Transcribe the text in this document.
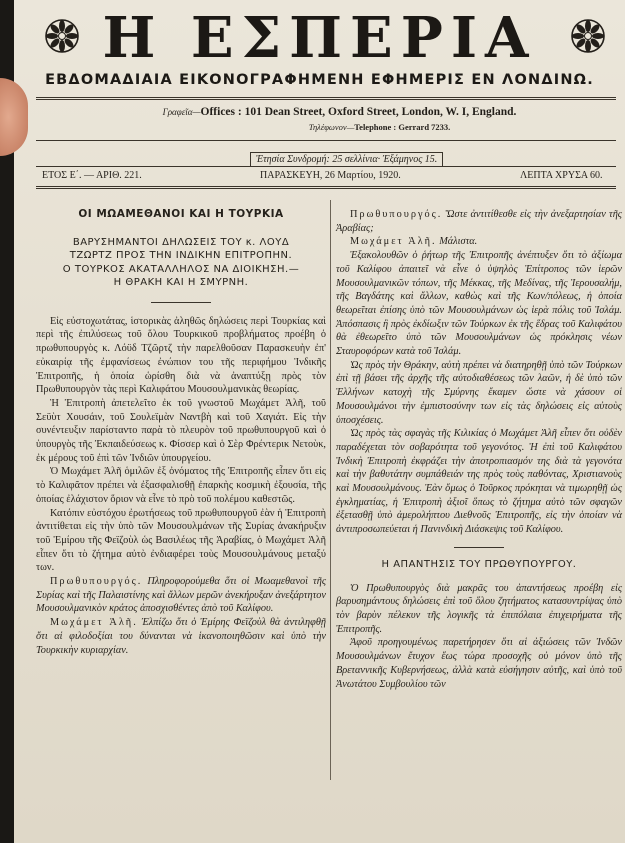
Η ΕΣΠΕΡΙΑ
ΕΒΔΟΜΑΔΙΑΙΑ ΕΙΚΟΝΟΓΡΑΦΗΜΕΝΗ ΕΦΗΜΕΡΙΣ ΕΝ ΛΟΝΔΙΝΩ.
Γραφεῖα—Offices : 101 Dean Street, Oxford Street, London, W. I, England.
Τηλέφωνον—Telephone : Gerrard 7233.
Ἐτησία Συνδρομή: 25 σελλίνια· Ἐξάμηνος 15.
ΕΤΟΣ Ε΄. — ΑΡΙΘ. 221.	ΠΑΡΑΣΚΕΥΗ, 26 Μαρτίου, 1920.	ΛΕΠΤΑ ΧΡΥΣΑ 60.
ΟΙ ΜΩΑΜΕΘΑΝΟΙ ΚΑΙ Η ΤΟΥΡΚΙΑ
ΒΑΡΥΣΗΜΑΝΤΟΙ ΔΗΛΩΣΕΙΣ ΤΟΥ κ. ΛΟΥΔ
ΤΖΩΡΤΖ ΠΡΟΣ ΤΗΝ ΙΝΔΙΚΗΝ ΕΠΙΤΡΟΠΗΝ.
Ο ΤΟΥΡΚΟΣ ΑΚΑΤΑΛΛΗΛΟΣ ΝΑ ΔΙΟΙΚΗΣΗ.—
Η ΘΡΑΚΗ ΚΑΙ Η ΣΜΥΡΝΗ.

Εἰς εὐστοχωτάτας, ἱστορικὰς ἀληθῶς δηλώσεις περὶ Τουρκίας καὶ περὶ τῆς ἐπιλύσεως τοῦ ὅλου Τουρκικοῦ προβλήματος προέβη ὁ πρωθυπουργὸς κ. Λόϋδ Τζῶρτζ τὴν παρελθοῦσαν Παρασκευὴν ἐπ' εὐκαιρίᾳ τῆς ἐμφανίσεως ἐνώπιον του τῆς περιφήμου Ἰνδικῆς Ἐπιτροπῆς, ἡ ὁποία ὡρίσθη διὰ νὰ ἀναπτύξῃ πρὸς τὸν Πρωθυπουργὸν τὰς περὶ Καλιφάτου Μουσουλμανικὰς θεωρίας.

Ἡ Ἐπιτροπὴ ἀπετελεῖτο ἐκ τοῦ γνωστοῦ Μωχάμετ Ἀλῆ, τοῦ Σεϋὺτ Χουσάιν, τοῦ Σουλεϊμὰν Ναντβὴ καὶ τοῦ Χαγιάτ. Εἰς τὴν συνέντευξιν παρίσταντο παρὰ τὸ πλευρὸν τοῦ πρωθυπουργοῦ καὶ ὁ ὑπουργὸς τῆς Ἐκπαιδεύσεως κ. Φίσσερ καὶ ὁ Σὲρ Φρέντερικ Νετοὺκ, ἐκ μέρους τοῦ ἐπὶ τῶν Ἰνδιῶν ὑπουργείου.

Ὁ Μωχάμετ Ἀλῆ ὁμιλῶν ἐξ ὀνόματος τῆς Ἐπιτροπῆς εἶπεν ὅτι εἰς τὸ Καλιφᾶτον πρέπει νὰ ἐξασφαλισθῇ ἐπαρκὴς κοσμικὴ ἐξουσία, τῆς ὁποίας ἐλάχιστον ὅριον νὰ εἶνε τὸ πρὸ τοῦ πολέμου καθεστῶς.

Κατόπιν εὐστόχου ἐρωτήσεως τοῦ πρωθυπουργοῦ ἐὰν ἡ Ἐπιτροπὴ ἀντιτίθεται εἰς τὴν ὑπὸ τῶν Μουσουλμάνων τῆς Συρίας ἀνακήρυξιν τοῦ Ἐμίρου τῆς Φεϊζοὺλ ὡς Βασιλέως τῆς Ἀραβίας, ὁ Μωχάμετ Ἀλῆ εἶπεν ὅτι τὸ ζήτημα αὐτὸ ἐνδιαφέρει τοὺς Μουσουλμάνους μεταξύ των.

Πρωθυπουργός. Πληροφορούμεθα ὅτι οἱ Μωαμεθανοὶ τῆς Συρίας καὶ τῆς Παλαιστίνης καὶ ἄλλων μερῶν ἀνεκήρυξαν ἀνεξάρτητον Μουσουλμανικὸν κράτος ἀποσχισθέντες ἀπὸ τοῦ Καλίφου.

Μωχάμετ Ἀλῆ. Ἐλπίζω ὅτι ὁ Ἐμίρης Φεϊζοὺλ θὰ ἀντιληφθῇ ὅτι αἱ φιλοδοξίαι του δύνανται νὰ ἱκανοποιηθῶσιν καὶ ὑπὸ τὴν Τουρκικὴν κυριαρχίαν.

Πρωθυπουργός. Ὥστε ἀντιτίθεσθε εἰς τὴν ἀνεξαρτησίαν τῆς Ἀραβίας;

Μωχάμετ Ἀλῆ. Μάλιστα.

Ἐξακολουθῶν ὁ ῥήτωρ τῆς Ἐπιτροπῆς ἀνέπτυξεν ὅτι τὸ ἀξίωμα τοῦ Καλίφου ἀπαιτεῖ νὰ εἶνε ὁ ὑψηλὸς Ἐπίτροπος τῶν ἱερῶν Μουσουλμανικῶν τόπων, τῆς Μέκκας, τῆς Μεδίνας, τῆς Ἱερουσαλήμ, τῆς Βαγδάτης καὶ ἄλλων, καθὼς καὶ τῆς Κων/πόλεως, ἡ ὁποία θεωρεῖται ἐπίσης ὑπὸ τῶν Μουσουλμάνων ὡς ἱερὰ πόλις τοῦ Ἰσλάμ. Ἀπόσπασις ἢ πρὸς ἐκδίωξιν τῶν Τούρκων ἐκ τῆς ἕδρας τοῦ Καλιφάτου θὰ ἐθεωρεῖτο ὑπὸ τῶν Μουσουλμάνων ὡς πρόκλησις νέων Σταυροφόρων κατὰ τοῦ Ἰσλάμ.

Ὡς πρὸς τὴν Θράκην, αὐτὴ πρέπει νὰ διατηρηθῇ ὑπὸ τῶν Τούρκων ἐπὶ τῇ βάσει τῆς ἀρχῆς τῆς αὐτοδιαθέσεως τῶν λαῶν, ἡ δὲ ὑπὸ τῶν Ἑλλήνων κατοχὴ τῆς Σμύρνης ἔκαμεν ὥστε νὰ χάσουν οἱ Μουσουλμάνοι τὴν ἐμπιστοσύνην των εἰς τὰς δηλώσεις εἰς αὐτοὺς ὑποσχέσεις.

Ὡς πρὸς τὰς σφαγὰς τῆς Κιλικίας ὁ Μωχάμετ Ἀλῆ εἶπεν ὅτι οὐδὲν παραδέχεται τὸν σοβαρότητα τοῦ γεγονότος. Ἡ ἐπὶ τοῦ Καλιφάτου Ἰνδικὴ Ἐπιτροπὴ ἐκφράζει τὴν ἀποτροπιασμόν της διὰ τὰ γεγονότα καὶ τὴν βαθυτάτην συμπάθειάν της πρὸς τοὺς παθόντας, Χριστιανοὺς καὶ Μουσουλμάνους. Ἐὰν ὅμως ὁ Τοῦρκος πρόκηται νὰ τιμωρηθῇ ὡς ἐγκληματίας, ἡ Ἐπιτροπὴ ἀξιοῖ ὅπως τὸ ζήτημα αὐτὸ τῶν σφαγῶν ἐξετασθῇ ὑπὸ ἀμερολήπτου Διεθνοῦς Ἐπιτροπῆς, εἰς τὴν ὁποίαν νὰ ἀντιπροσωπεύεται ἡ Πανινδικὴ Διάσκεψις τοῦ Καλίφου.

Η ΑΠΑΝΤΗΣΙΣ ΤΟΥ ΠΡΩΘΥΠΟΥΡΓΟΥ.

Ὁ Πρωθυπουργὸς διὰ μακρᾶς του ἀπαντήσεως προέβη εἰς βαρυσημάντους δηλώσεις ἐπὶ τοῦ ὅλου ζητήματος κατασυντρίψας ὑπὸ τὸν βαρὺν πέλεκυν τῆς λογικῆς τὰ ἐπιπόλαια ἐπιχειρήματα τῆς Ἐπιτροπῆς.

Ἀφοῦ προηγουμένως παρετήρησεν ὅτι αἱ ἀξιώσεις τῶν Ἰνδῶν Μουσουλμάνων ἔτυχον ἕως τώρα προσοχῆς οὐ μόνον ὑπὸ τῆς Βρεταννικῆς Κυβερνήσεως, ἀλλὰ κατὰ εὐσήγησιν αὐτῆς, καὶ ὑπὸ τοῦ Ἀνωτάτου Συμβουλίου τῶν
